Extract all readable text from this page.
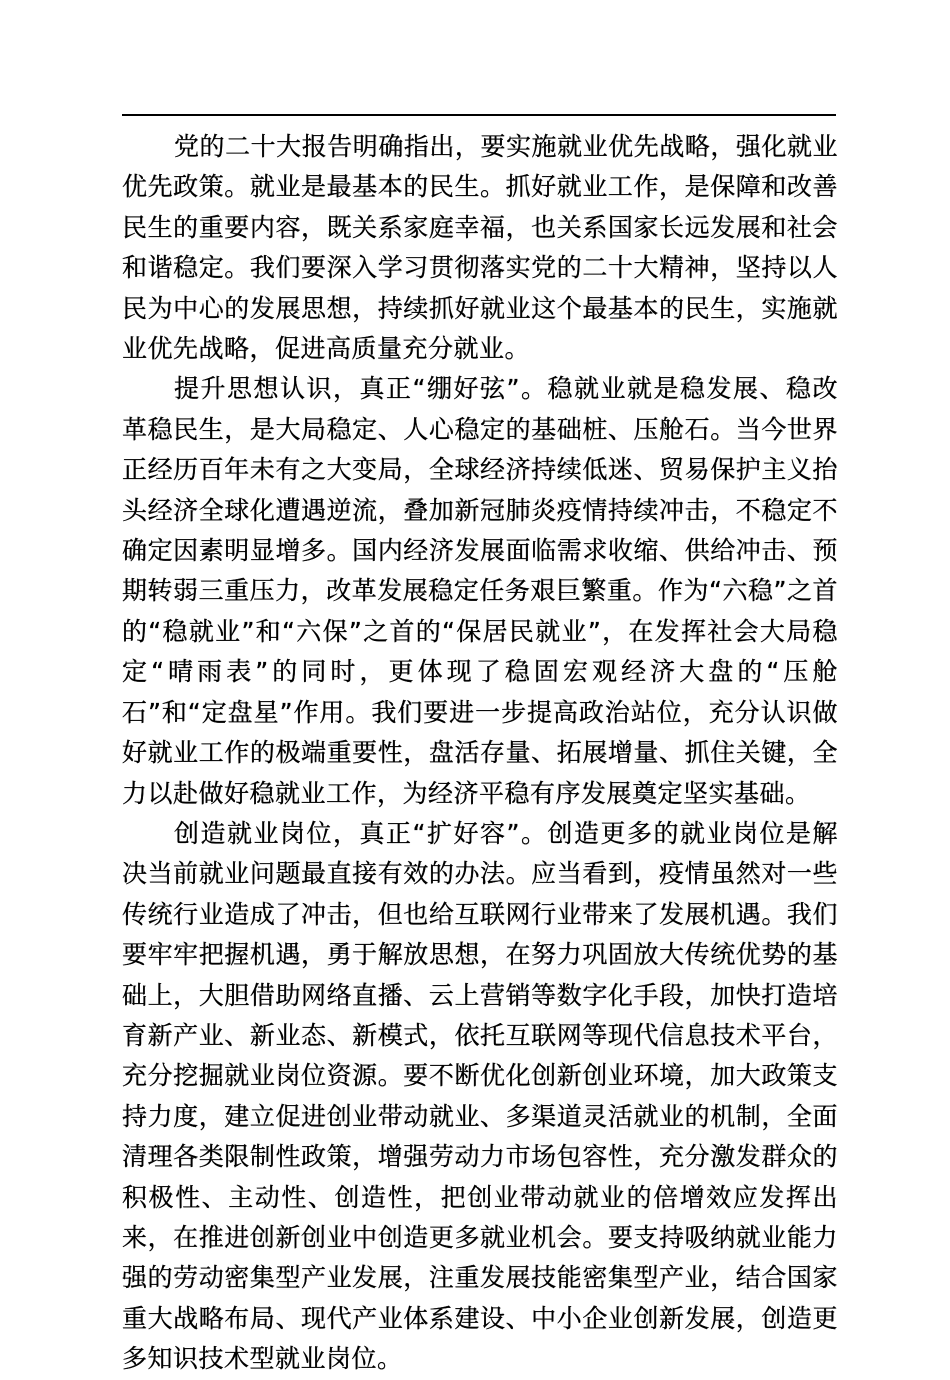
党的二十大报告明确指出，要实施就业优先战略，强化就业优先政策。就业是最基本的民生。抓好就业工作，是保障和改善民生的重要内容，既关系家庭幸福，也关系国家长远发展和社会和谐稳定。我们要深入学习贯彻落实党的二十大精神，坚持以人民为中心的发展思想，持续抓好就业这个最基本的民生，实施就业优先战略，促进高质量充分就业。

提升思想认识，真正“绷好弦”。稳就业就是稳发展、稳改革稳民生，是大局稳定、人心稳定的基础桩、压舱石。当今世界正经历百年未有之大变局，全球经济持续低迷、贸易保护主义抬头经济全球化遭遇逆流，叠加新冠肺炎疫情持续冲击，不稳定不确定因素明显增多。国内经济发展面临需求收缩、供给冲击、预期转弱三重压力，改革发展稳定任务艰巨繁重。作为“六稳”之首的“稳就业”和“六保”之首的“保居民就业”，在发挥社会大局稳定“晴雨表”的同时，更体现了稳固宏观经济大盘的“压舱石”和“定盘星”作用。我们要进一步提高政治站位，充分认识做好就业工作的极端重要性，盘活存量、拓展增量、抓住关键，全力以赴做好稳就业工作，为经济平稳有序发展奠定坚实基础。

创造就业岗位，真正“扩好容”。创造更多的就业岗位是解决当前就业问题最直接有效的办法。应当看到，疫情虽然对一些传统行业造成了冲击，但也给互联网行业带来了发展机遇。我们要牢牢把握机遇，勇于解放思想，在努力巩固放大传统优势的基础上，大胆借助网络直播、云上营销等数字化手段，加快打造培育新产业、新业态、新模式，依托互联网等现代信息技术平台，充分挖掘就业岗位资源。要不断优化创新创业环境，加大政策支持力度，建立促进创业带动就业、多渠道灵活就业的机制，全面清理各类限制性政策，增强劳动力市场包容性，充分激发群众的积极性、主动性、创造性，把创业带动就业的倍增效应发挥出来，在推进创新创业中创造更多就业机会。要支持吸纳就业能力强的劳动密集型产业发展，注重发展技能密集型产业，结合国家重大战略布局、现代产业体系建设、中小企业创新发展，创造更多知识技术型就业岗位。
